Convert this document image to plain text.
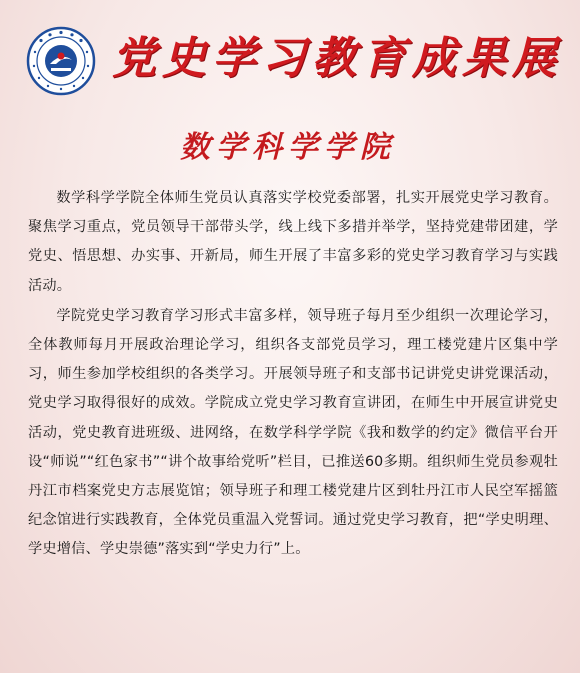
党史学习教育成果展
数学科学学院

数学科学学院全体师生党员认真落实学校党委部署，扎实开展党史学习教育。聚焦学习重点，党员领导干部带头学，线上线下多措并举学，坚持党建带团建，学党史、悟思想、办实事、开新局，师生开展了丰富多彩的党史学习教育学习与实践活动。

学院党史学习教育学习形式丰富多样，领导班子每月至少组织一次理论学习，全体教师每月开展政治理论学习，组织各支部党员学习，理工楼党建片区集中学习，师生参加学校组织的各类学习。开展领导班子和支部书记讲党史讲党课活动，党史学习取得很好的成效。学院成立党史学习教育宣讲团，在师生中开展宣讲党史活动，党史教育进班级、进网络，在数学科学学院《我和数学的约定》微信平台开设“师说”“红色家书”“讲个故事给党听”栏目，已推送60多期。组织师生党员参观牡丹江市档案党史方志展览馆；领导班子和理工楼党建片区到牡丹江市人民空军摇篮纪念馆进行实践教育，全体党员重温入党誓词。通过党史学习教育，把“学史明理、学史增信、学史崇德”落实到“学史力行”上。
